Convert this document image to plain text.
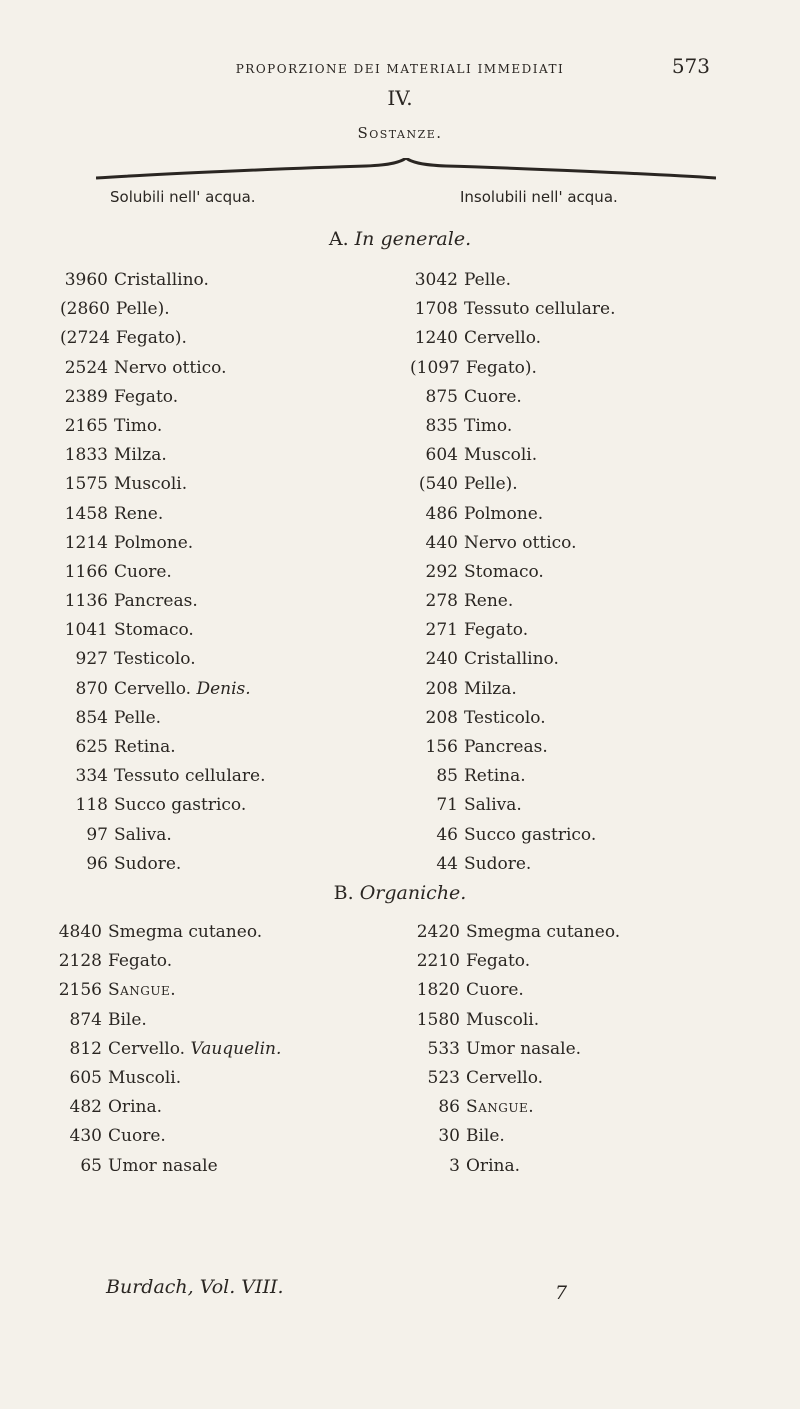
PROPORZIONE DEI MATERIALI IMMEDIATI	573
IV.
Sostanze.
Solubili nell' acqua.	Insolubili nell' acqua.
A. In generale.
3960 Cristallino.
(2860 Pelle).
(2724 Fegato).
2524 Nervo ottico.
2389 Fegato.
2165 Timo.
1833 Milza.
1575 Muscoli.
1458 Rene.
1214 Polmone.
1166 Cuore.
1136 Pancreas.
1041 Stomaco.
927 Testicolo.
870 Cervello. Denis.
854 Pelle.
625 Retina.
334 Tessuto cellulare.
118 Succo gastrico.
97 Saliva.
96 Sudore.
3042 Pelle.
1708 Tessuto cellulare.
1240 Cervello.
(1097 Fegato).
875 Cuore.
835 Timo.
604 Muscoli.
(540 Pelle).
486 Polmone.
440 Nervo ottico.
292 Stomaco.
278 Rene.
271 Fegato.
240 Cristallino.
208 Milza.
208 Testicolo.
156 Pancreas.
85 Retina.
71 Saliva.
46 Succo gastrico.
44 Sudore.
B. Organiche.
4840 Smegma cutaneo.
2128 Fegato.
2156 Sangue.
874 Bile.
812 Cervello. Vauquelin.
605 Muscoli.
482 Orina.
430 Cuore.
65 Umor nasale
2420 Smegma cutaneo.
2210 Fegato.
1820 Cuore.
1580 Muscoli.
533 Umor nasale.
523 Cervello.
86 Sangue.
30 Bile.
3 Orina.
Burdach, Vol. VIII.	7
